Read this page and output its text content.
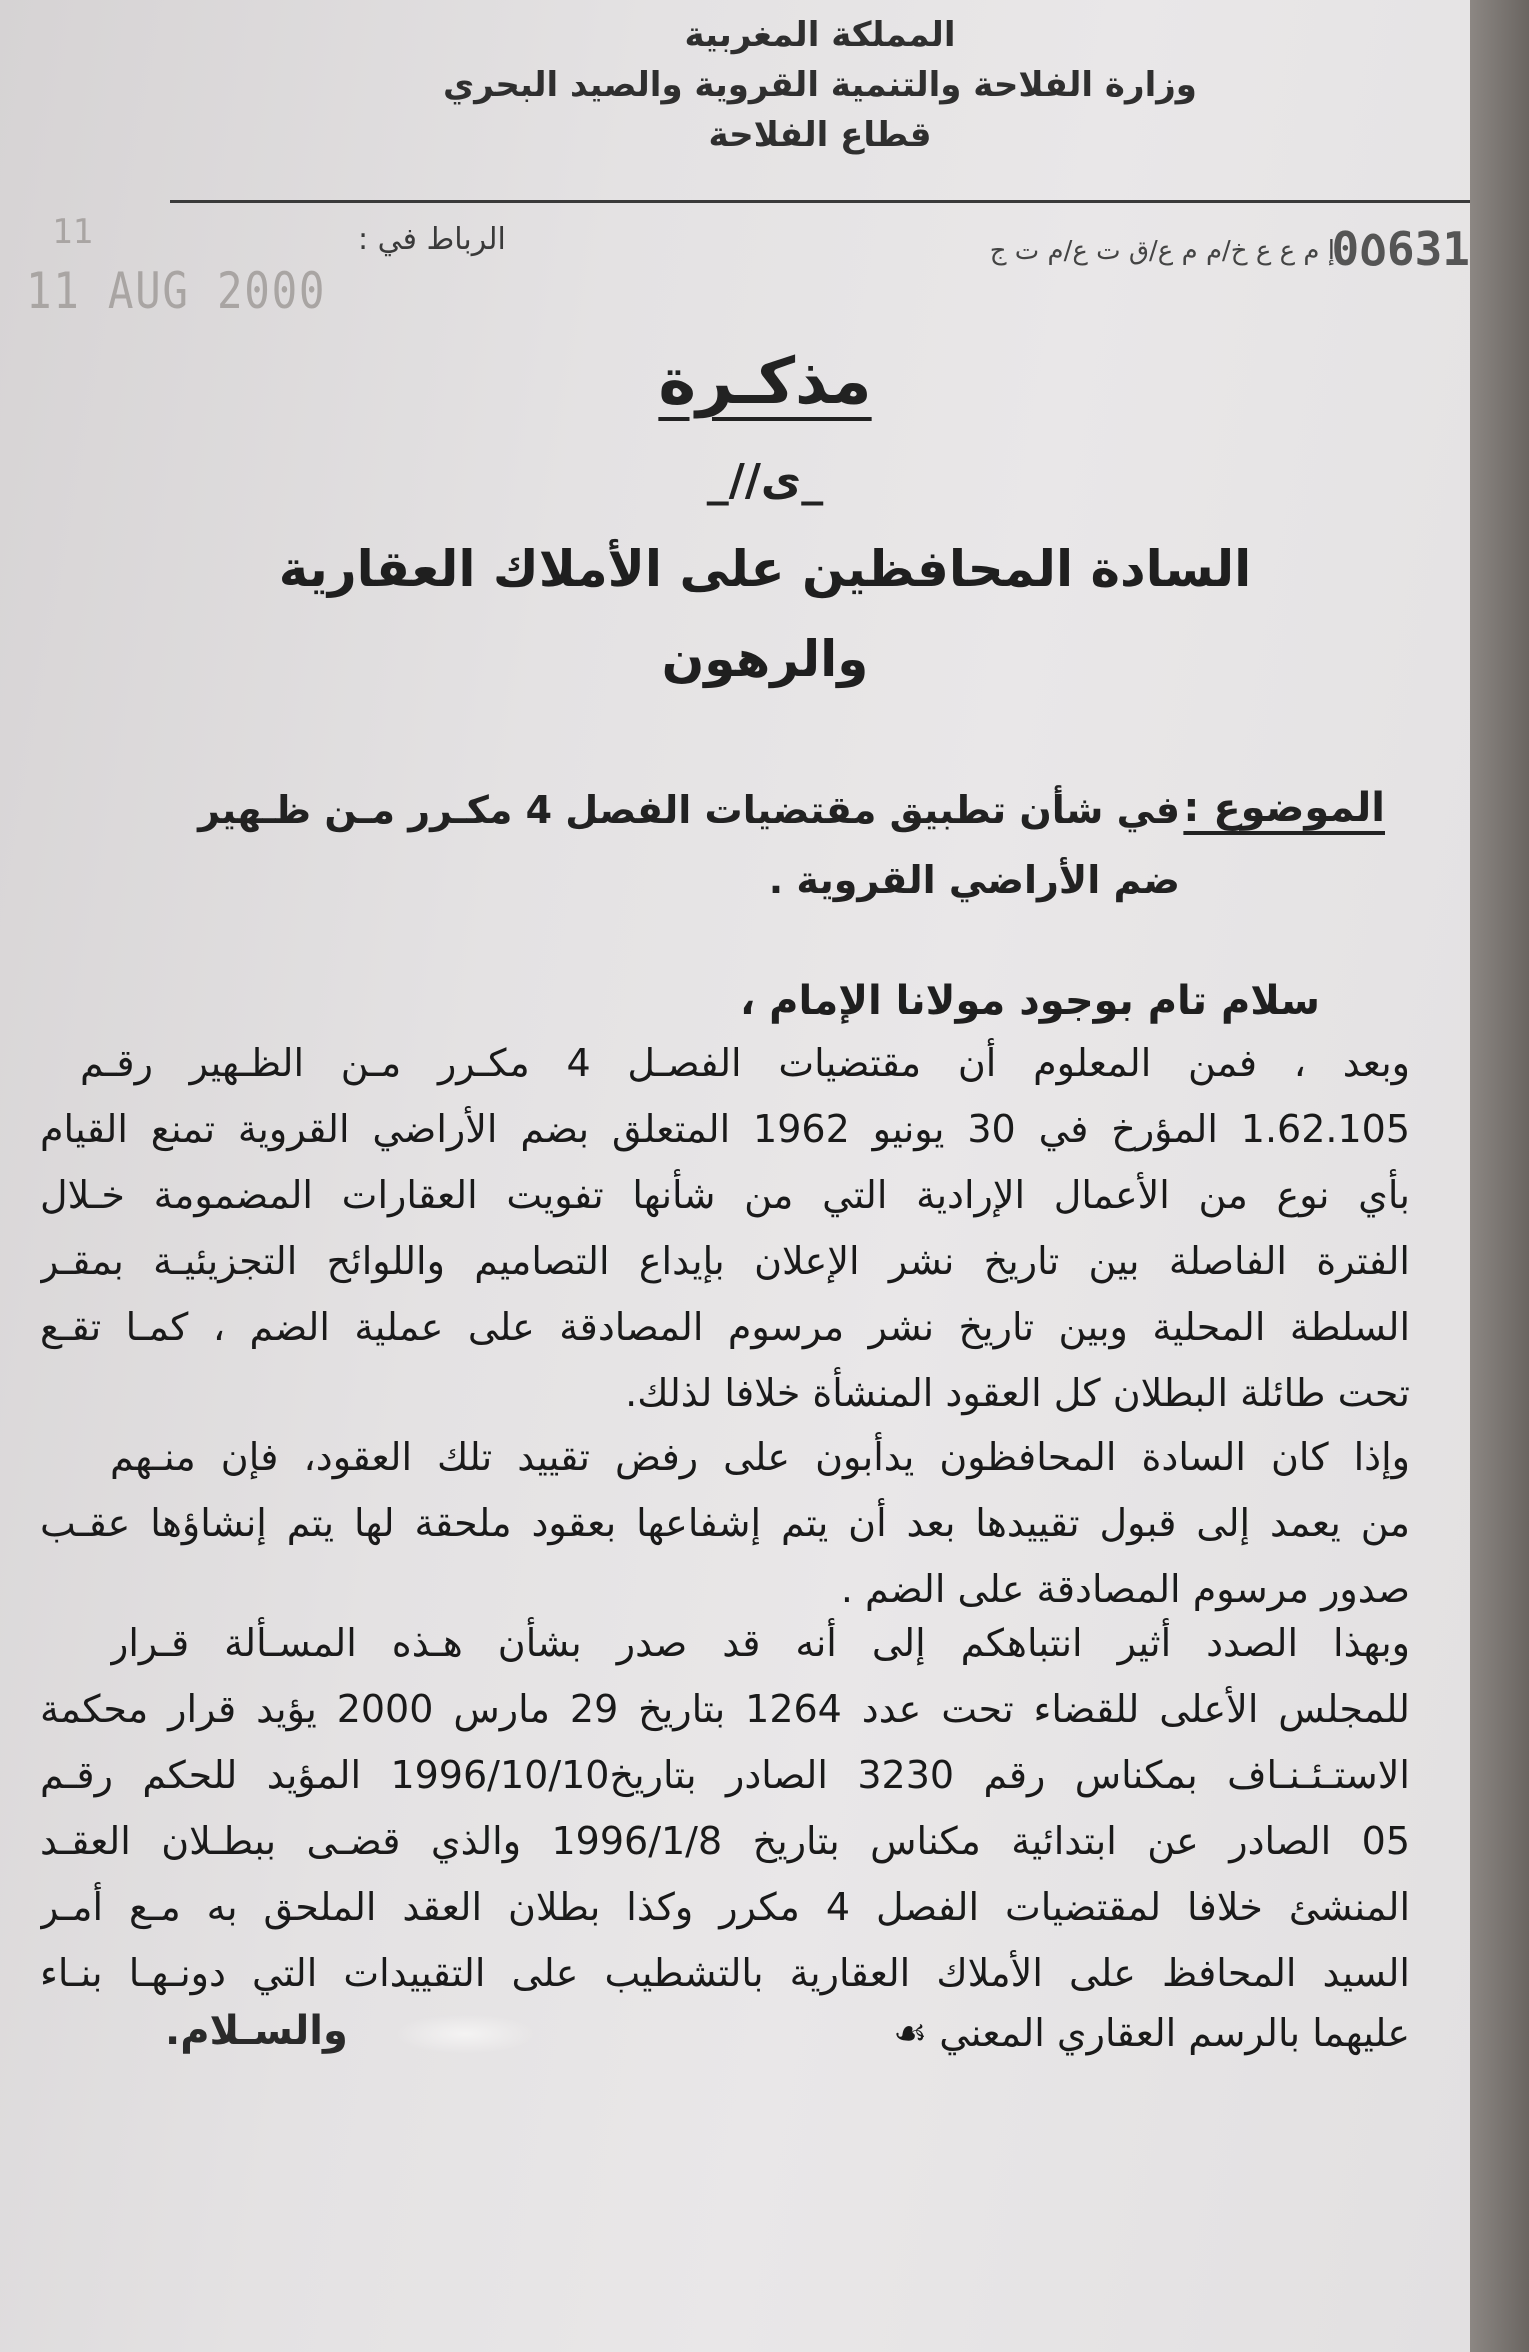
المملكة المغربية
وزارة الفلاحة والتنمية القروية والصيد البحري
قطاع الفلاحة
0٥631
إ م ع ع خ/م م ع/ق ت ع/م ت ج
الرباط في :
11
11 AUG 2000
مذكـرة
_//ى_
السادة المحافظين على الأملاك العقارية
والرهون
الموضوع :
في شأن تطبيق مقتضيات الفصل 4 مكـرر مـن ظـهير
ضم الأراضي القروية .
سلام تام بوجود مولانا الإمام ،
وبعد ، فمن المعلوم أن مقتضيات الفصـل 4 مكـرر مـن الظـهير رقـم
1.62.105 المؤرخ في 30 يونيو 1962 المتعلق بضم الأراضي القروية تمنع القيام
بأي نوع من الأعمال الإرادية التي من شأنها تفويت العقارات المضمومة خـلال
الفترة الفاصلة بين تاريخ نشر الإعلان بإيداع التصاميم واللوائح التجزيئيـة بمقـر
السلطة المحلية وبين تاريخ نشر مرسوم المصادقة على عملية الضم ، كمـا تقـع
تحت طائلة البطلان كل العقود المنشأة خلافا لذلك.
وإذا كان السادة المحافظون يدأبون على رفض تقييد تلك العقود، فإن منـهم
من يعمد إلى قبول تقييدها بعد أن يتم إشفاعها بعقود ملحقة لها يتم إنشاؤها عقـب
صدور مرسوم المصادقة على الضم .
وبهذا الصدد أثير انتباهكم إلى أنه قد صدر بشأن هـذه المسـألة قـرار
للمجلس الأعلى للقضاء تحت عدد 1264 بتاريخ 29 مارس 2000 يؤيد قرار محكمة
الاستـئـنـاف بمكناس رقم 3230 الصادر بتاريخ1996/10/10 المؤيد للحكم رقـم
05 الصادر عن ابتدائية مكناس بتاريخ 1996/1/8 والذي قضـى ببطـلان العقـد
المنشئ خلافا لمقتضيات الفصل 4 مكرر وكذا بطلان العقد الملحق به مـع أمـر
السيد المحافظ على الأملاك العقارية بالتشطيب على التقييدات التي دونـهـا بنـاء
عليهما بالرسم العقاري المعني ☙
والسـلام.
